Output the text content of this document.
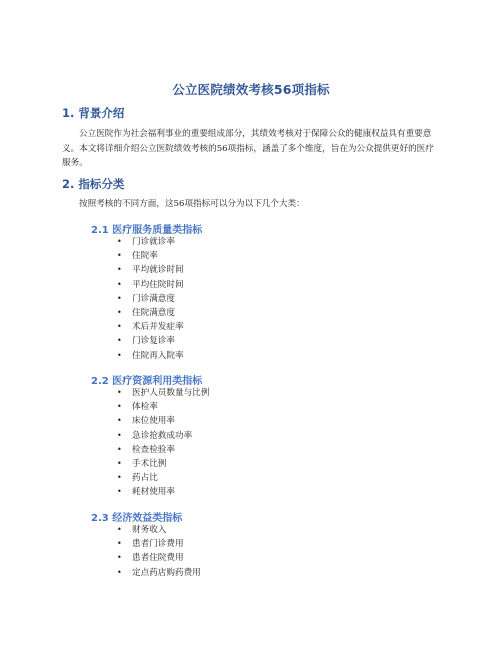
公立医院绩效考核56项指标
1. 背景介绍
公立医院作为社会福利事业的重要组成部分，其绩效考核对于保障公众的健康权益具有重要意义。本文将详细介绍公立医院绩效考核的56项指标，涵盖了多个维度，旨在为公众提供更好的医疗服务。
2. 指标分类
按照考核的不同方面，这56项指标可以分为以下几个大类：
2.1 医疗服务质量类指标
• 门诊就诊率
• 住院率
• 平均就诊时间
• 平均住院时间
• 门诊满意度
• 住院满意度
• 术后并发症率
• 门诊复诊率
• 住院再入院率
2.2 医疗资源利用类指标
• 医护人员数量与比例
• 体检率
• 床位使用率
• 急诊抢救成功率
• 检查检验率
• 手术比例
• 药占比
• 耗材使用率
2.3 经济效益类指标
• 财务收入
• 患者门诊费用
• 患者住院费用
• 定点药店购药费用
